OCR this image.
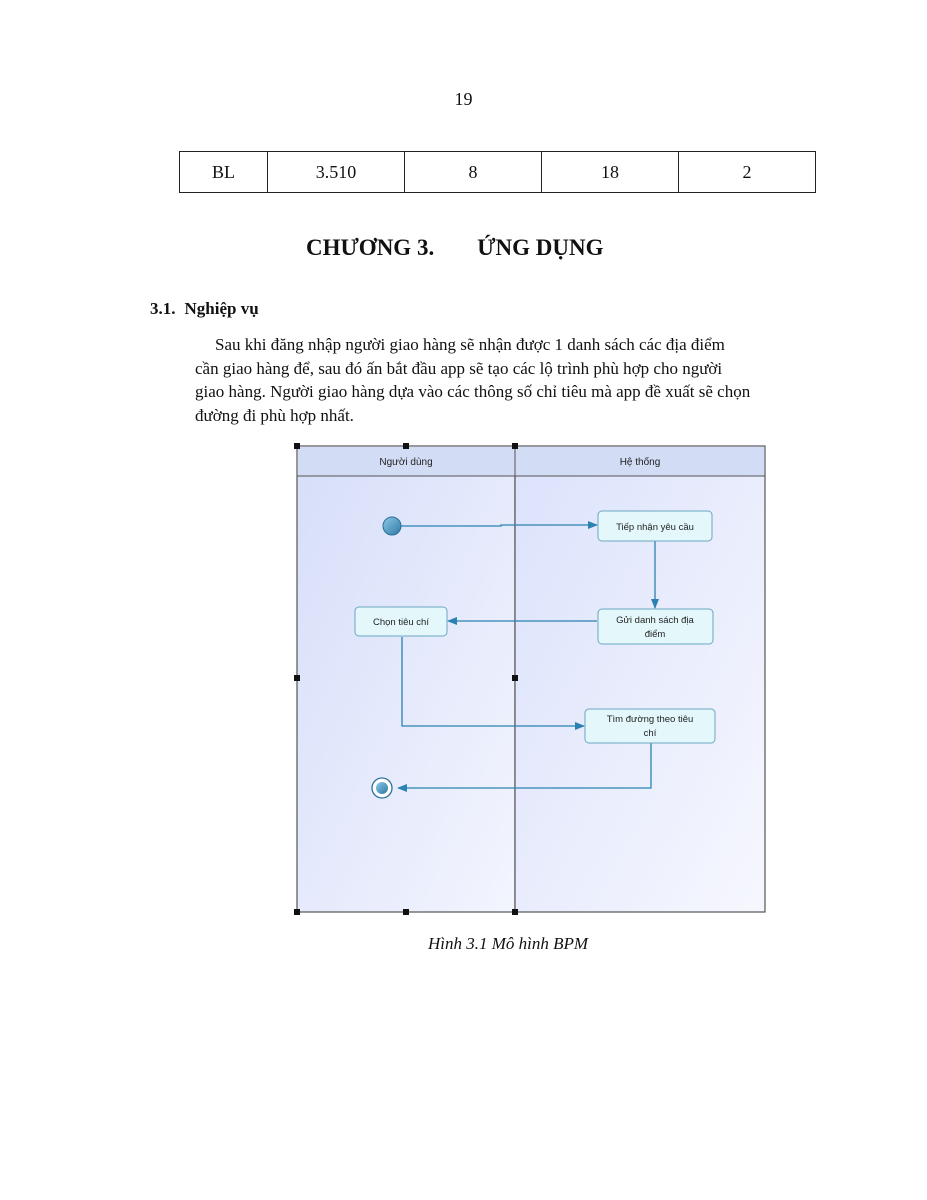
19
BL	3.510	8	18	2
CHƯƠNG 3. ỨNG DỤNG
3.1. Nghiệp vụ
Sau khi đăng nhập người giao hàng sẽ nhận được 1 danh sách các địa điểm
cần giao hàng để, sau đó ấn bắt đầu app sẽ tạo các lộ trình phù hợp cho người
giao hàng. Người giao hàng dựa vào các thông số chỉ tiêu mà app đề xuất sẽ chọn
đường đi phù hợp nhất.
Người dùng	Hệ thống
Tiếp nhận yêu cầu
Gửi danh sách địa
điểm
Chọn tiêu chí
Tìm đường theo tiêu
chí
Hình 3.1 Mô hình BPM
